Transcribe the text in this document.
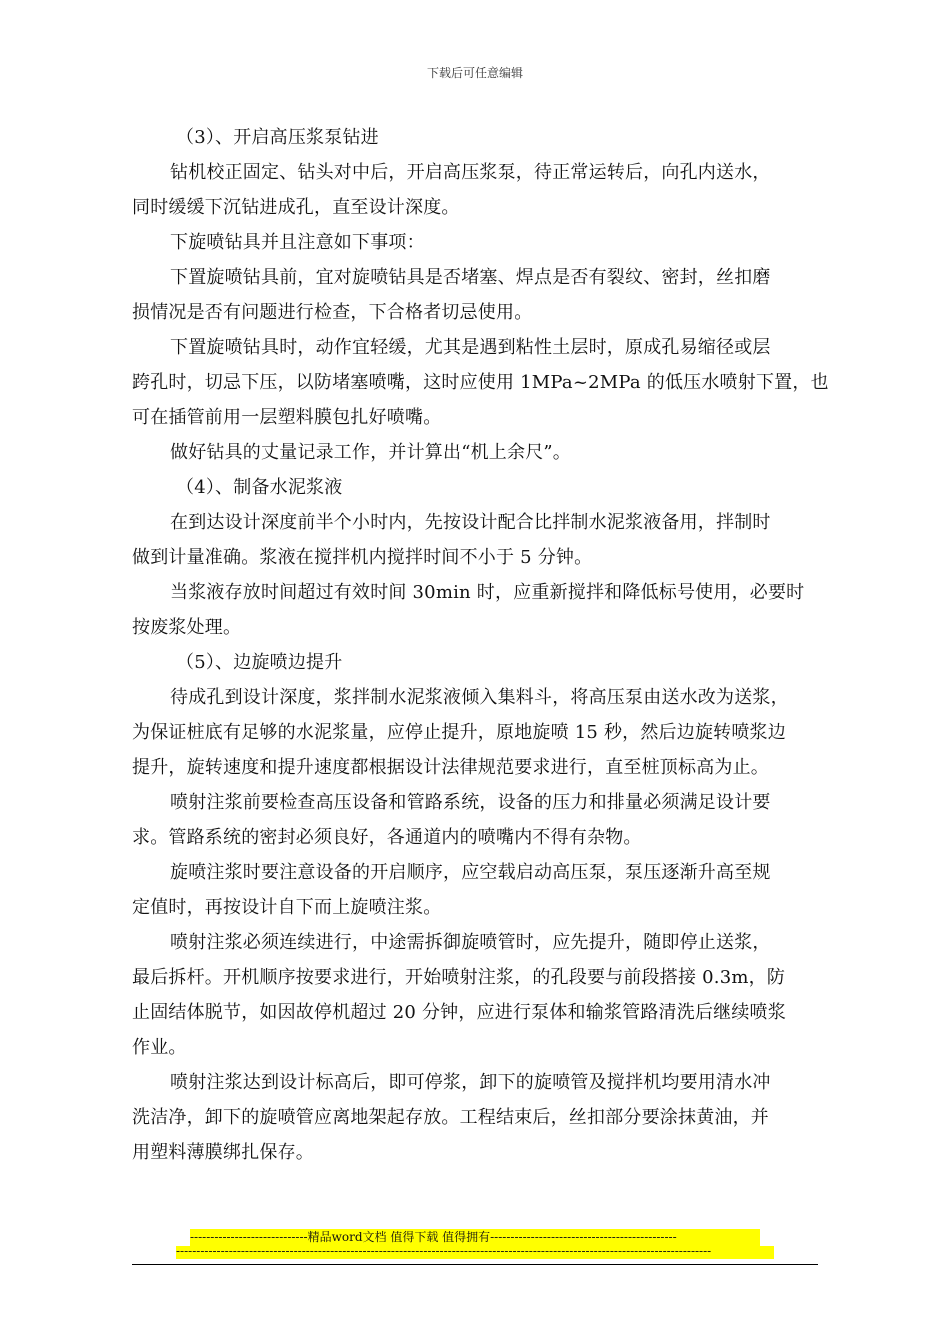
下载后可任意编辑
（3）、开启高压浆泵钻进
钻机校正固定、钻头对中后，开启高压浆泵，待正常运转后，向孔内送水，
同时缓缓下沉钻进成孔，直至设计深度。
下旋喷钻具并且注意如下事项：
下置旋喷钻具前，宜对旋喷钻具是否堵塞、焊点是否有裂纹、密封，丝扣磨
损情况是否有问题进行检查，下合格者切忌使用。
下置旋喷钻具时，动作宜轻缓，尤其是遇到粘性土层时，原成孔易缩径或层
跨孔时，切忌下压，以防堵塞喷嘴，这时应使用 1MPa~2MPa 的低压水喷射下置，也
可在插管前用一层塑料膜包扎好喷嘴。
做好钻具的丈量记录工作，并计算出“机上余尺”。
（4）、制备水泥浆液
在到达设计深度前半个小时内，先按设计配合比拌制水泥浆液备用，拌制时
做到计量准确。浆液在搅拌机内搅拌时间不小于 5 分钟。
当浆液存放时间超过有效时间 30min 时，应重新搅拌和降低标号使用，必要时
按废浆处理。
（5）、边旋喷边提升
待成孔到设计深度，浆拌制水泥浆液倾入集料斗，将高压泵由送水改为送浆，
为保证桩底有足够的水泥浆量，应停止提升，原地旋喷 15 秒，然后边旋转喷浆边
提升，旋转速度和提升速度都根据设计法律规范要求进行，直至桩顶标高为止。
喷射注浆前要检查高压设备和管路系统，设备的压力和排量必须满足设计要
求。管路系统的密封必须良好，各通道内的喷嘴内不得有杂物。
旋喷注浆时要注意设备的开启顺序，应空载启动高压泵，泵压逐渐升高至规
定值时，再按设计自下而上旋喷注浆。
喷射注浆必须连续进行，中途需拆御旋喷管时，应先提升，随即停止送浆，
最后拆杆。开机顺序按要求进行，开始喷射注浆，的孔段要与前段搭接 0.3m，防
止固结体脱节，如因故停机超过 20 分钟，应进行泵体和输浆管路清洗后继续喷浆
作业。
喷射注浆达到设计标高后，即可停浆，卸下的旋喷管及搅拌机均要用清水冲
洗洁净，卸下的旋喷管应离地架起存放。工程结束后，丝扣部分要涂抹黄油，并
用塑料薄膜绑扎保存。
-----------------------------精品word文档 值得下载 值得拥有----------------------------------------------
------------------------------------------------------------------------------------------------------------------------------------
